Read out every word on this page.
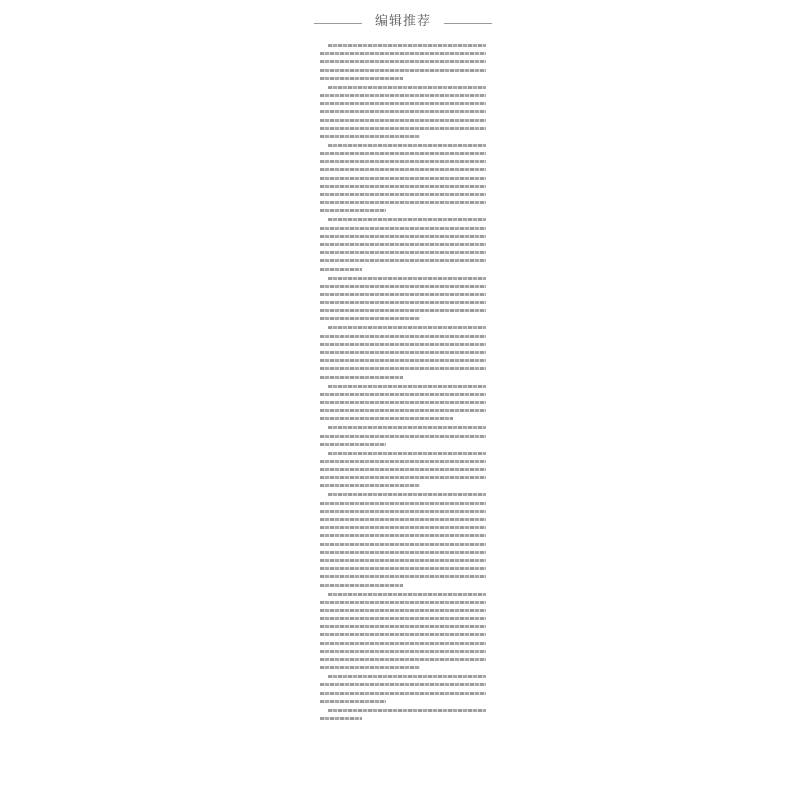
编辑推荐
